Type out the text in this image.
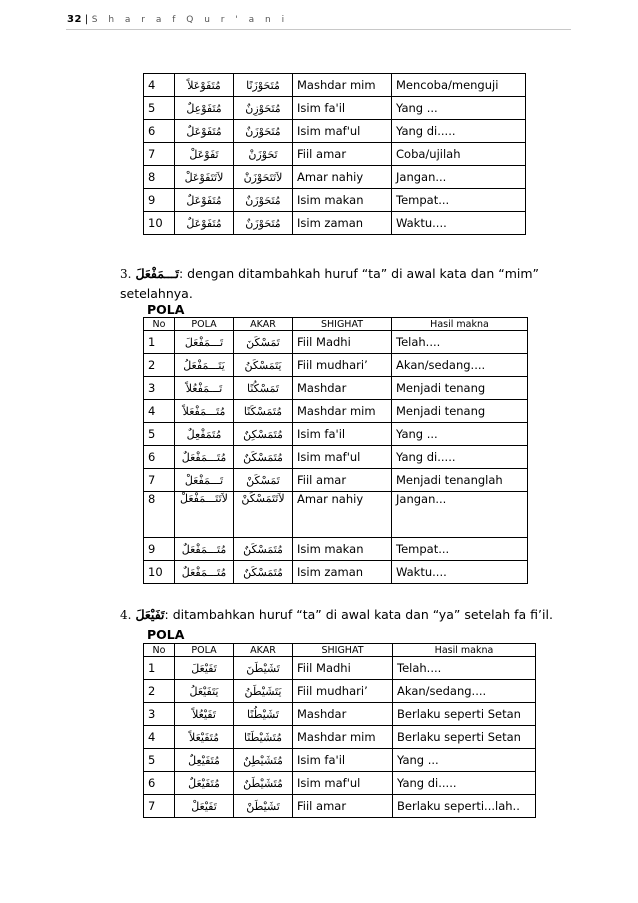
32 | S h a r a f Q u r ' a n i
4	مُتَفَوْعَلاً	مُتَحَوْزَنًا	Mashdar mim	Mencoba/menguji
5	مُتَفَوْعِلٌ	مُتَحَوْزِنٌ	Isim fa'il	Yang ...
6	مُتَفَوْعَلٌ	مُتَحَوْزَنٌ	Isim maf'ul	Yang di.....
7	تَفَوْعَلْ	تَحَوْزَنْ	Fiil amar	Coba/ujilah
8	لاَتَتَفَوْعَلْ	لاَتَتَحَوْزَنْ	Amar nahiy	Jangan...
9	مُتَفَوْعَلٌ	مُتَحَوْزَنٌ	Isim makan	Tempat...
10	مُتَفَوْعَلٌ	مُتَحَوْزَنٌ	Isim zaman	Waktu....
3. تَـــمَفْعَلَ: dengan ditambahkah huruf “ta” di awal kata dan “mim” setelahnya.
POLA
No	POLA	AKAR	SHIGHAT	Hasil makna
1	تَـــمَفْعَلَ	تَمَسْكَنَ	Fiil Madhi	Telah....
2	يَتَـــمَفْعَلُ	يَتَمَسْكَنُ	Fiil mudhari’	Akan/sedang....
3	تَـــمَفْعُلاً	تَمَسْكُنًا	Mashdar	Menjadi tenang
4	مُتَـــمَفْعَلاً	مُتَمَسْكَنًا	Mashdar mim	Menjadi tenang
5	مُتَمَفْعِلٌ	مُتَمَسْكِنٌ	Isim fa'il	Yang ...
6	مُتَـــمَفْعَلٌ	مُتَمَسْكَنٌ	Isim maf'ul	Yang di.....
7	تَـــمَفْعَلْ	تَمَسْكَنْ	Fiil amar	Menjadi tenanglah
8	لاَتَتَـــمَفْعَلْ	لاَتَتَمَسْكَنْ	Amar nahiy	Jangan...
9	مُتَـــمَفْعَلٌ	مُتَمَسْكَنٌ	Isim makan	Tempat...
10	مُتَـــمَفْعَلٌ	مُتَمَسْكَنٌ	Isim zaman	Waktu....
4. تَفَيْعَلَ: ditambahkan huruf “ta” di awal kata dan “ya” setelah fa fi’il.
POLA
No	POLA	AKAR	SHIGHAT	Hasil makna
1	تَفَيْعَلَ	تَشَيْطَنَ	Fiil Madhi	Telah....
2	يَتَفَيْعَلُ	يَتَشَيْطَنُ	Fiil mudhari’	Akan/sedang....
3	تَفَيْعُلاً	تَشَيْطُنًا	Mashdar	Berlaku seperti Setan
4	مُتَفَيْعَلاً	مُتَشَيْطَنًا	Mashdar mim	Berlaku seperti Setan
5	مُتَفَيْعِلٌ	مُتَشَيْطِنٌ	Isim fa'il	Yang ...
6	مُتَفَيْعَلٌ	مُتَشَيْطَنٌ	Isim maf'ul	Yang di.....
7	تَفَيْعَلْ	تَشَيْطَنْ	Fiil amar	Berlaku seperti...lah..
